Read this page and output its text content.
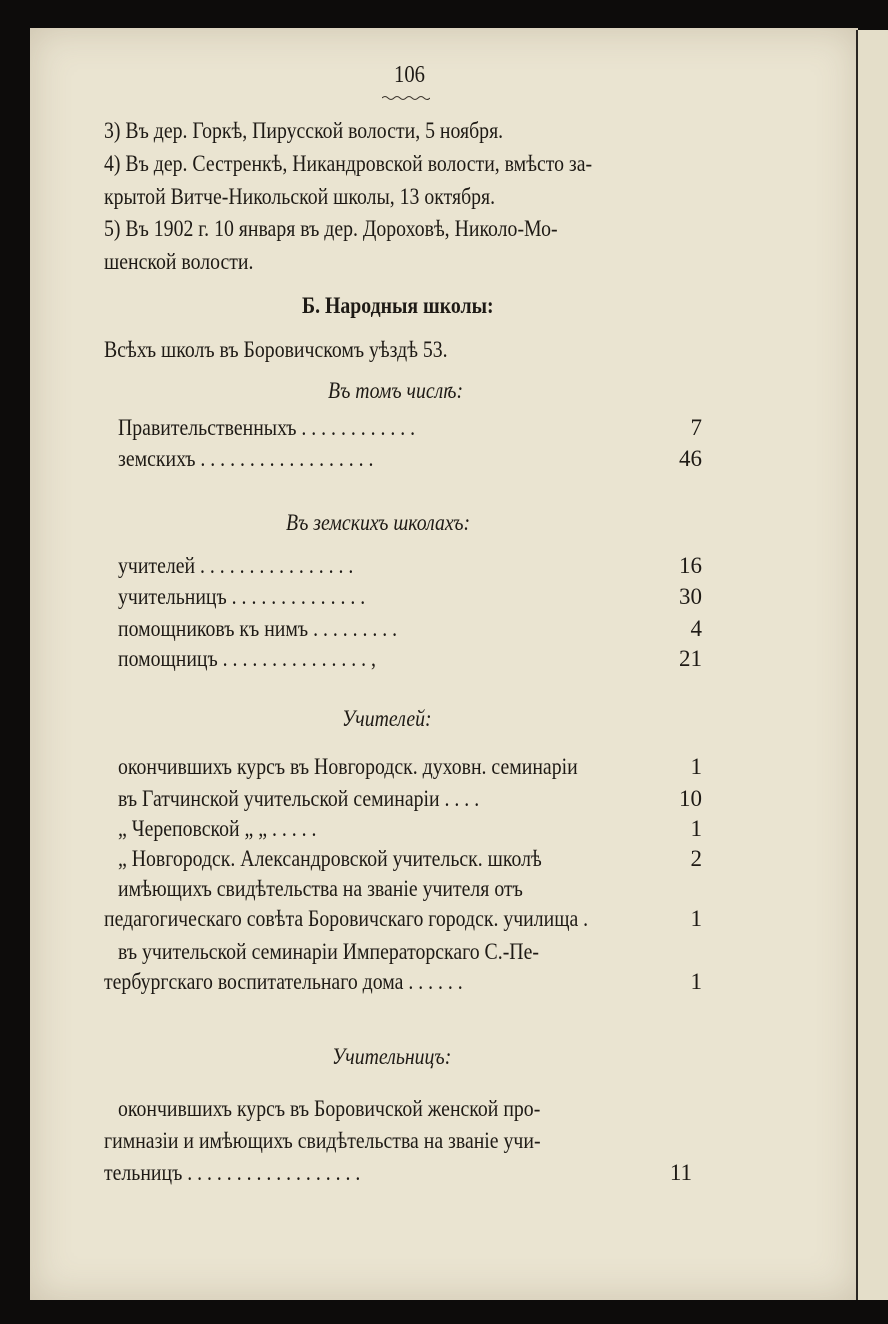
106
3) Въ дер. Горкѣ, Пирусской волости, 5 ноября.
4) Въ дер. Сестренкѣ, Никандровской волости, вмѣсто за-
крытой Витче-Никольской школы, 13 октября.
5) Въ 1902 г. 10 января въ дер. Дороховѣ, Николо-Мо-
шенской волости.
Б. Народныя школы:
Всѣхъ школъ въ Боровичскомъ уѣздѣ 53.
Въ томъ числѣ:
Правительственныхъ . . . . . . . . . . . .	7
земскихъ . . . . . . . . . . . . . . . . . .	46
Въ земскихъ школахъ:
учителей . . . . . . . . . . . . . . . .	16
учительницъ . . . . . . . . . . . . . .	30
помощниковъ къ нимъ . . . . . . . . .	4
помощницъ . . . . . . . . . . . . . . . ,	21
Учителей:
окончившихъ курсъ въ Новгородск. духовн. семинаріи	1
въ Гатчинской учительской семинаріи . . . .	10
„ Череповской „ „ . . . . .	1
„ Новгородск. Александровской учительск. школѣ	2
имѣющихъ свидѣтельства на званіе учителя отъ
педагогическаго совѣта Боровичскаго городск. училища .	1
въ учительской семинаріи Императорскаго С.-Пе-
тербургскаго воспитательнаго дома . . . . . .	1
Учительницъ:
окончившихъ курсъ въ Боровичской женской про-
гимназіи и имѣющихъ свидѣтельства на званіе учи-
тельницъ . . . . . . . . . . . . . . . . . .	11
